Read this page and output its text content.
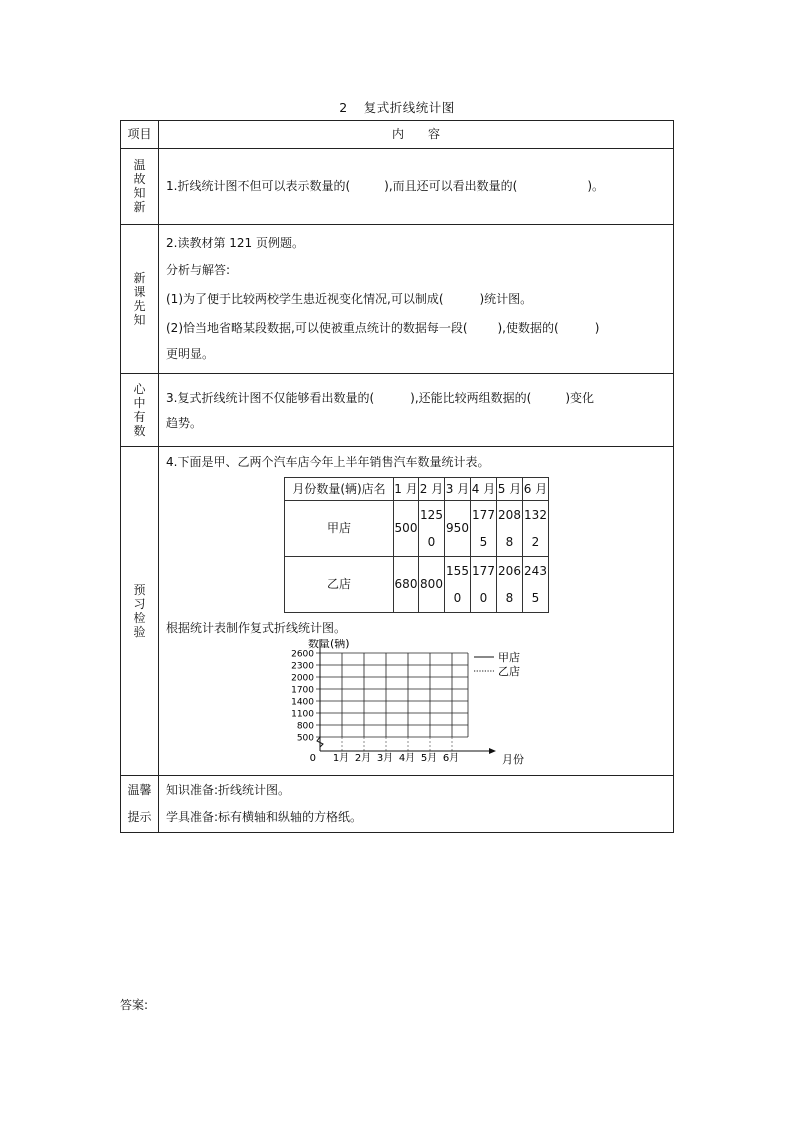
2 复式折线统计图
项目	内　　容
温故知新	
1.折线统计图不但可以表示数量的(	),而且还可以看出数量的(	)。

新课先知	
2.读教材第 121 页例题。
分析与解答:
(1)为了便于比较两校学生患近视变化情况,可以制成(	)统计图。
(2)恰当地省略某段数据,可以使被重点统计的数据每一段(	),使数据的(	)
更明显。

心中有数	
3.复式折线统计图不仅能够看出数量的(	),还能比较两组数据的(	)变化
趋势。

预习检验	
4.下面是甲、乙两个汽车店今年上半年销售汽车数量统计表。
月份数量(辆)店名	1 月	2 月	3 月	4 月	5 月	6 月
甲店	500	1250	950	1775	2088	1322
乙店	680	800	1550	1770	2068	2435
根据统计表制作复式折线统计图。
数量(辆)
2600
2300
2000
1700
1400
1100
800
500
0 1月 2月 3月 4月 5月 6月	月份
甲店
乙店

温馨
提示

知识准备:折线统计图。
学具准备:标有横轴和纵轴的方格纸。
答案:
